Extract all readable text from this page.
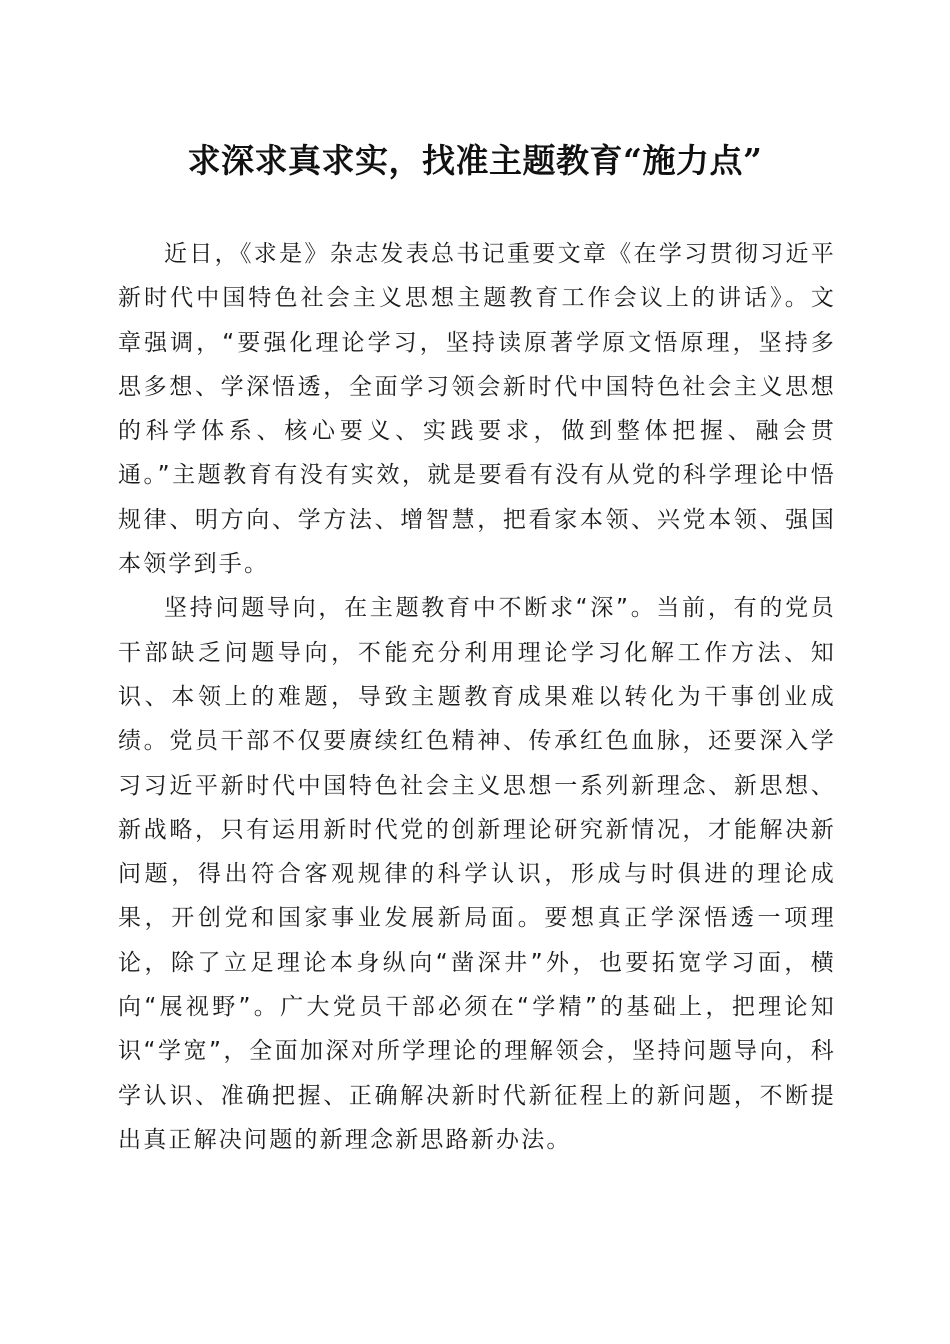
求深求真求实，找准主题教育“施力点”

近日，《求是》杂志发表总书记重要文章《在学习贯彻习近平新时代中国特色社会主义思想主题教育工作会议上的讲话》。文章强调，“要强化理论学习，坚持读原著学原文悟原理，坚持多思多想、学深悟透，全面学习领会新时代中国特色社会主义思想的科学体系、核心要义、实践要求，做到整体把握、融会贯通。”主题教育有没有实效，就是要看有没有从党的科学理论中悟规律、明方向、学方法、增智慧，把看家本领、兴党本领、强国本领学到手。

坚持问题导向，在主题教育中不断求“深”。当前，有的党员干部缺乏问题导向，不能充分利用理论学习化解工作方法、知识、本领上的难题，导致主题教育成果难以转化为干事创业成绩。党员干部不仅要赓续红色精神、传承红色血脉，还要深入学习习近平新时代中国特色社会主义思想一系列新理念、新思想、新战略，只有运用新时代党的创新理论研究新情况，才能解决新问题，得出符合客观规律的科学认识，形成与时俱进的理论成果，开创党和国家事业发展新局面。要想真正学深悟透一项理论，除了立足理论本身纵向“凿深井”外，也要拓宽学习面，横向“展视野”。广大党员干部必须在“学精”的基础上，把理论知识“学宽”，全面加深对所学理论的理解领会，坚持问题导向，科学认识、准确把握、正确解决新时代新征程上的新问题，不断提出真正解决问题的新理念新思路新办法。
